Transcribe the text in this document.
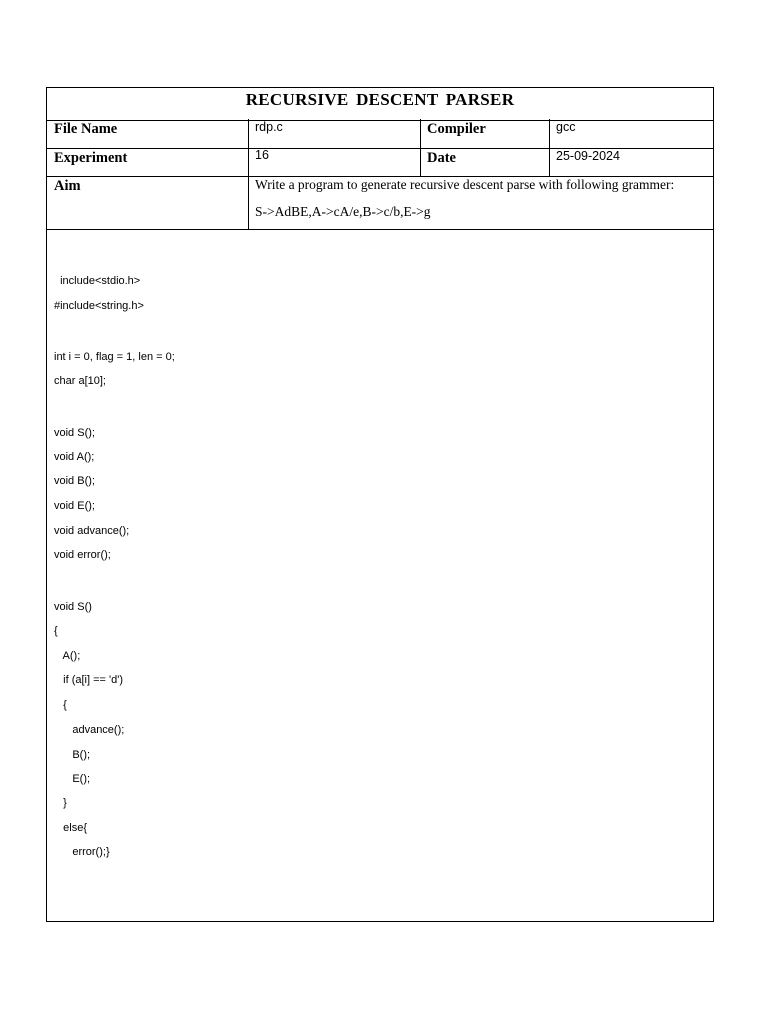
RECURSIVE DESCENT PARSER
File Name	rdp.c	Compiler	gcc
Experiment	16	Date	25-09-2024
Aim	Write a program to generate recursive descent parse with following grammer:
S->AdBE,A->cA/e,B->c/b,E->g
include<stdio.h>
#include<string.h>
int i = 0, flag = 1, len = 0;
char a[10];
void S();
void A();
void B();
void E();
void advance();
void error();
void S()
{
A();
if (a[i] == 'd')
{
advance();
B();
E();
}
else{
error();}
